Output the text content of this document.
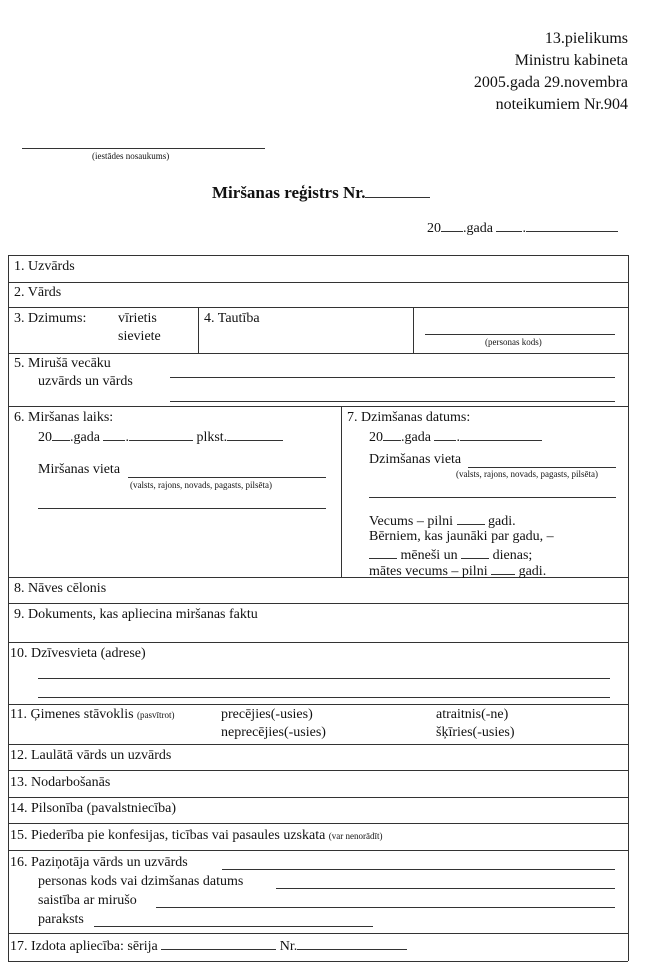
13.pielikums
Ministru kabineta
2005.gada 29.novembra
noteikumiem Nr.904
(iestādes nosaukums)
Miršanas reģistrs Nr.
20 .gada .
1. Uzvārds
2. Vārds
3. Dzimums: vīrietis
sieviete
4. Tautība
(personas kods)
5. Mirušā vecāku
uzvārds un vārds
6. Miršanas laiks:
20 .gada .	plkst.
Miršanas vieta
(valsts, rajons, novads, pagasts, pilsēta)
7. Dzimšanas datums:
20 .gada .
Dzimšanas vieta
(valsts, rajons, novads, pagasts, pilsēta)
Vecums – pilni	gadi.
Bērniem, kas jaunāki par gadu, –
mēneši un	dienas;
mātes vecums – pilni gadi.
8. Nāves cēlonis
9. Dokuments, kas apliecina miršanas faktu
10. Dzīvesvieta (adrese)
11. Ģimenes stāvoklis (pasvītrot)	precējies(-usies)
neprecējies(-usies)
atraitnis(-ne)
šķīries(-usies)
12. Laulātā vārds un uzvārds
13. Nodarbošanās
14. Pilsonība (pavalstniecība)
15. Piederība pie konfesijas, ticības vai pasaules uzskata (var nenorādīt)
16. Paziņotāja vārds un uzvārds
personas kods vai dzimšanas datums
saistība ar mirušo
paraksts
17. Izdota apliecība: sērija	Nr.
